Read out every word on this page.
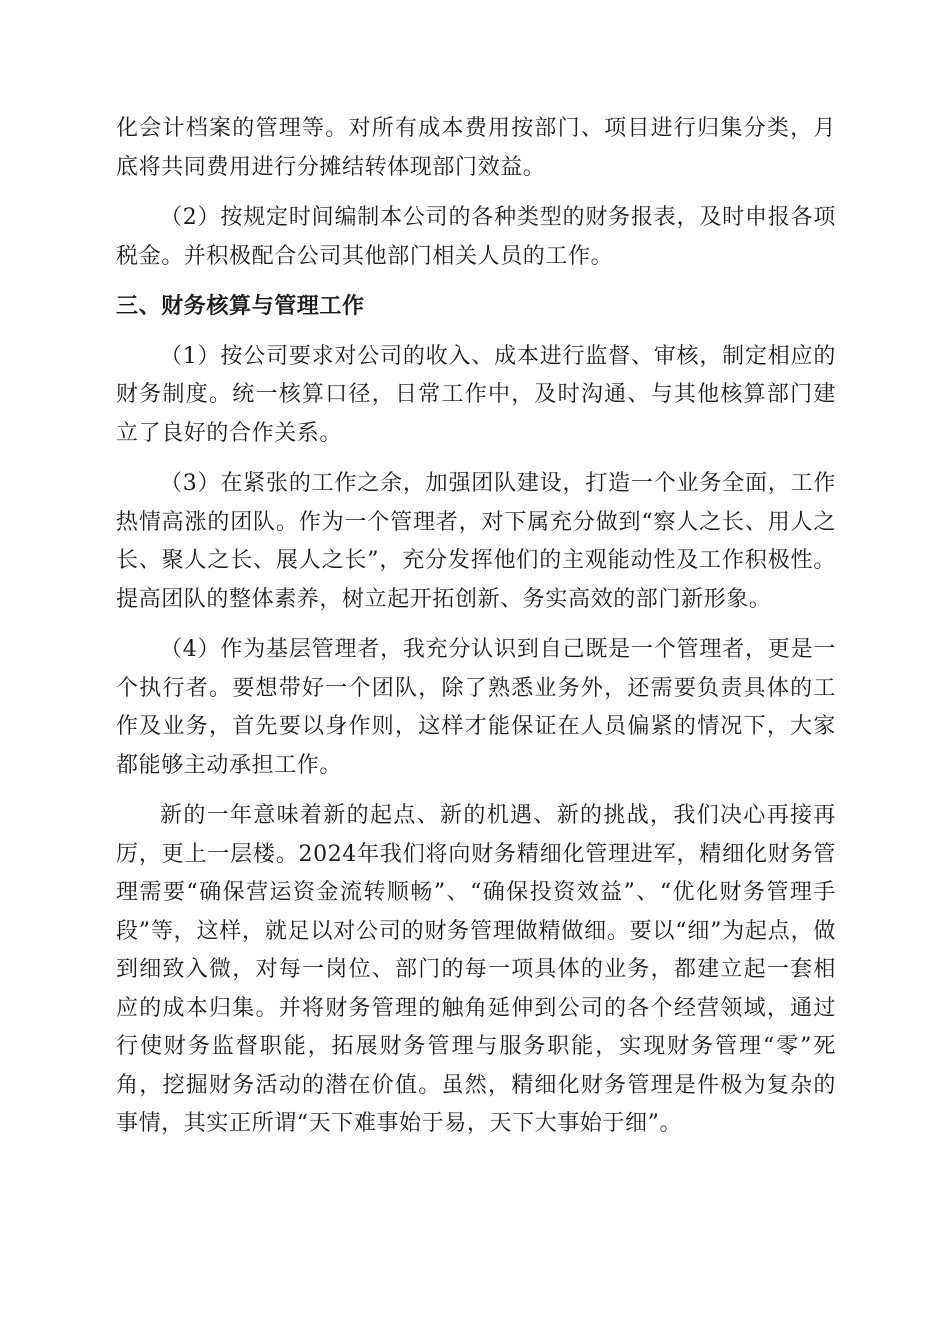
化会计档案的管理等。对所有成本费用按部门、项目进行归集分类，月底将共同费用进行分摊结转体现部门效益。

（2）按规定时间编制本公司的各种类型的财务报表，及时申报各项税金。并积极配合公司其他部门相关人员的工作。

三、财务核算与管理工作

（1）按公司要求对公司的收入、成本进行监督、审核，制定相应的财务制度。统一核算口径，日常工作中，及时沟通、与其他核算部门建立了良好的合作关系。

（3）在紧张的工作之余，加强团队建设，打造一个业务全面，工作热情高涨的团队。作为一个管理者，对下属充分做到“察人之长、用人之长、聚人之长、展人之长”，充分发挥他们的主观能动性及工作积极性。提高团队的整体素养，树立起开拓创新、务实高效的部门新形象。

（4）作为基层管理者，我充分认识到自己既是一个管理者，更是一个执行者。要想带好一个团队，除了熟悉业务外，还需要负责具体的工作及业务，首先要以身作则，这样才能保证在人员偏紧的情况下，大家都能够主动承担工作。

新的一年意味着新的起点、新的机遇、新的挑战，我们决心再接再厉，更上一层楼。2024年我们将向财务精细化管理进军，精细化财务管理需要“确保营运资金流转顺畅”、“确保投资效益”、“优化财务管理手段”等，这样，就足以对公司的财务管理做精做细。要以“细”为起点，做到细致入微，对每一岗位、部门的每一项具体的业务，都建立起一套相应的成本归集。并将财务管理的触角延伸到公司的各个经营领域，通过行使财务监督职能，拓展财务管理与服务职能，实现财务管理“零”死角，挖掘财务活动的潜在价值。虽然，精细化财务管理是件极为复杂的事情，其实正所谓“天下难事始于易，天下大事始于细”。
